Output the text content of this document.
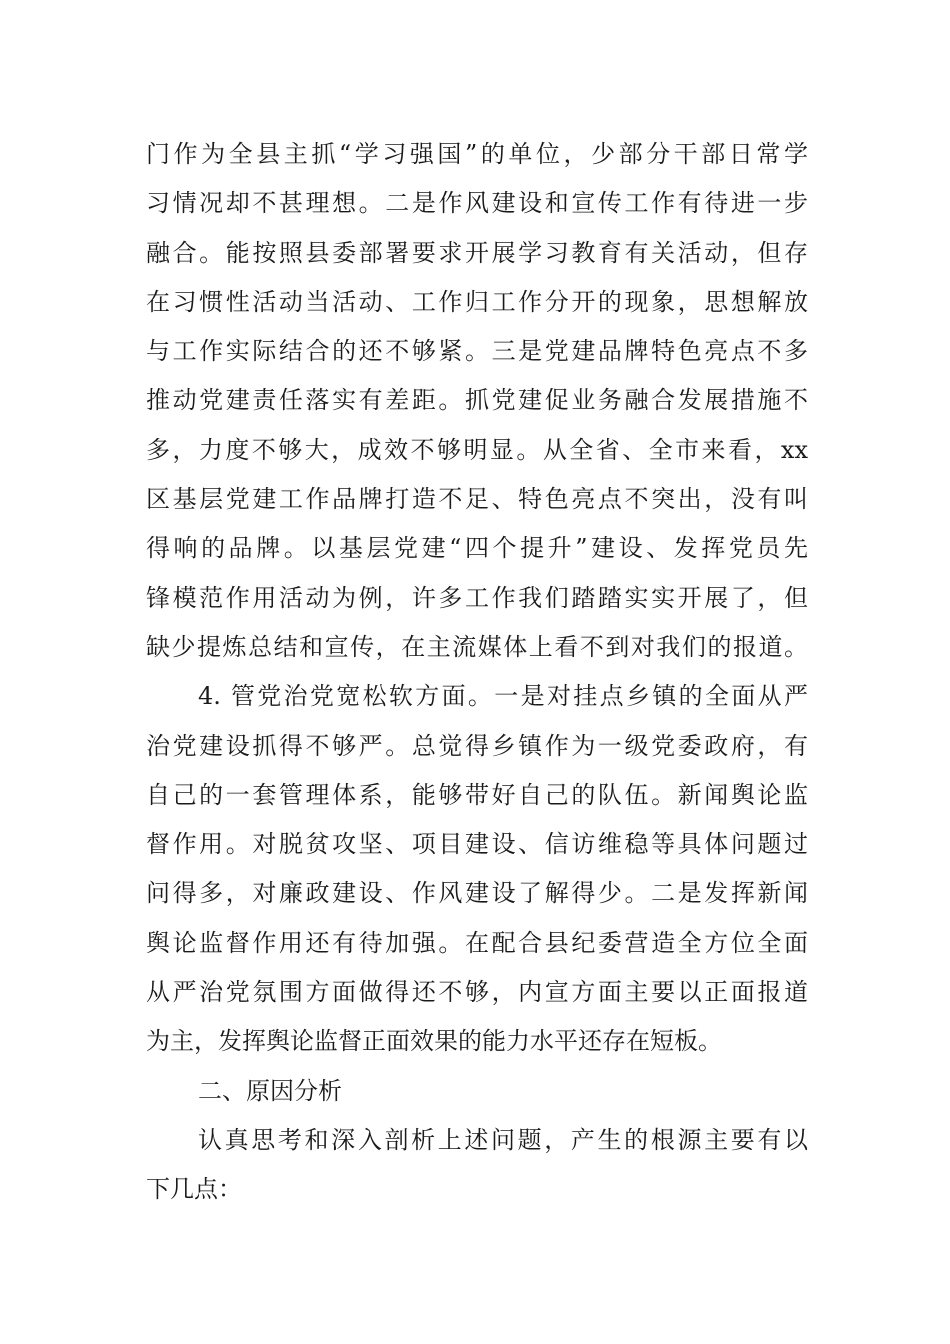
门作为全县主抓“学习强国”的单位，少部分干部日常学
习情况却不甚理想。二是作风建设和宣传工作有待进一步
融合。能按照县委部署要求开展学习教育有关活动，但存
在习惯性活动当活动、工作归工作分开的现象，思想解放
与工作实际结合的还不够紧。三是党建品牌特色亮点不多
推动党建责任落实有差距。抓党建促业务融合发展措施不
多，力度不够大，成效不够明显。从全省、全市来看，xx
区基层党建工作品牌打造不足、特色亮点不突出，没有叫
得响的品牌。以基层党建“四个提升”建设、发挥党员先
锋模范作用活动为例，许多工作我们踏踏实实开展了，但
缺少提炼总结和宣传，在主流媒体上看不到对我们的报道。
4. 管党治党宽松软方面。一是对挂点乡镇的全面从严
治党建设抓得不够严。总觉得乡镇作为一级党委政府，有
自己的一套管理体系，能够带好自己的队伍。新闻舆论监
督作用。对脱贫攻坚、项目建设、信访维稳等具体问题过
问得多，对廉政建设、作风建设了解得少。二是发挥新闻
舆论监督作用还有待加强。在配合县纪委营造全方位全面
从严治党氛围方面做得还不够，内宣方面主要以正面报道
为主，发挥舆论监督正面效果的能力水平还存在短板。
二、原因分析
认真思考和深入剖析上述问题，产生的根源主要有以
下几点：
